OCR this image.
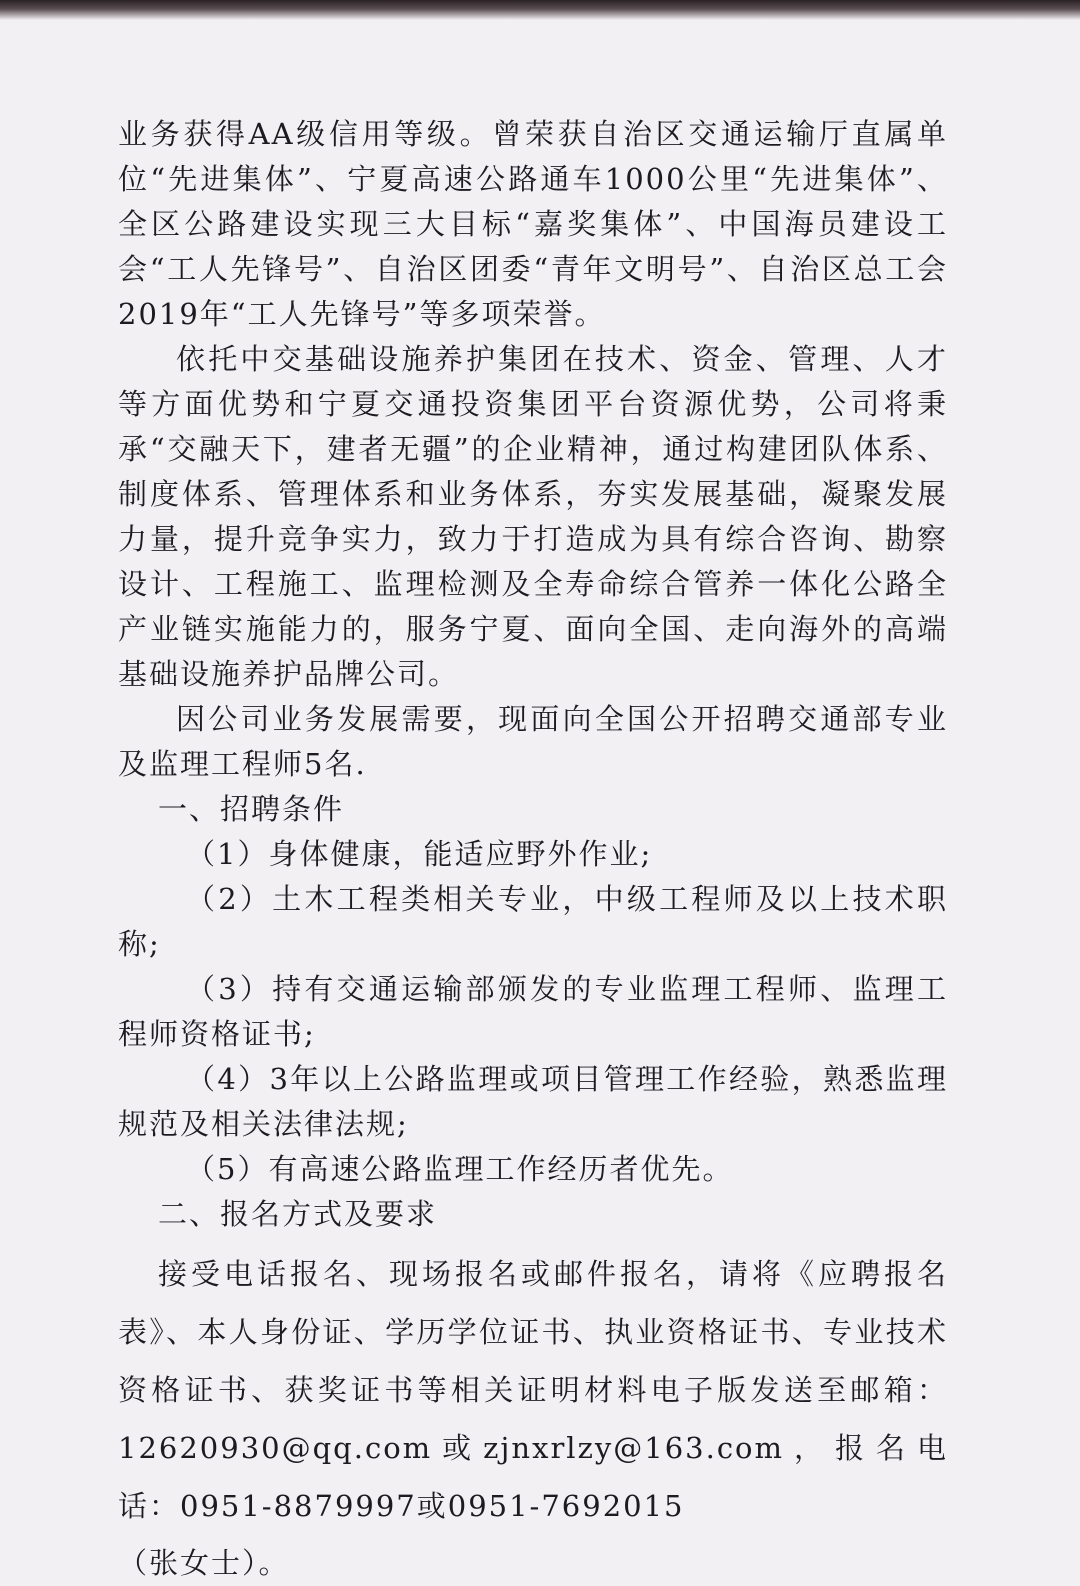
业务获得AA级信用等级。曾荣获自治区交通运输厅直属单位“先进集体”、宁夏高速公路通车1000公里“先进集体”、全区公路建设实现三大目标“嘉奖集体”、中国海员建设工会“工人先锋号”、自治区团委“青年文明号”、自治区总工会2019年“工人先锋号”等多项荣誉。

依托中交基础设施养护集团在技术、资金、管理、人才等方面优势和宁夏交通投资集团平台资源优势，公司将秉承“交融天下，建者无疆”的企业精神，通过构建团队体系、制度体系、管理体系和业务体系，夯实发展基础，凝聚发展力量，提升竞争实力，致力于打造成为具有综合咨询、勘察设计、工程施工、监理检测及全寿命综合管养一体化公路全产业链实施能力的，服务宁夏、面向全国、走向海外的高端基础设施养护品牌公司。

因公司业务发展需要，现面向全国公开招聘交通部专业及监理工程师5名.

一、招聘条件

（1）身体健康，能适应野外作业;

（2）土木工程类相关专业，中级工程师及以上技术职称;

（3）持有交通运输部颁发的专业监理工程师、监理工程师资格证书;

（4）3年以上公路监理或项目管理工作经验，熟悉监理规范及相关法律法规;

（5）有高速公路监理工作经历者优先。

二、报名方式及要求

接受电话报名、现场报名或邮件报名，请将《应聘报名表》、本人身份证、学历学位证书、执业资格证书、专业技术资格证书、获奖证书等相关证明材料电子版发送至邮箱：12620930@qq.com或zjnxrlzy@163.com，报名电话：0951-8879997或0951-7692015

（张女士）。
